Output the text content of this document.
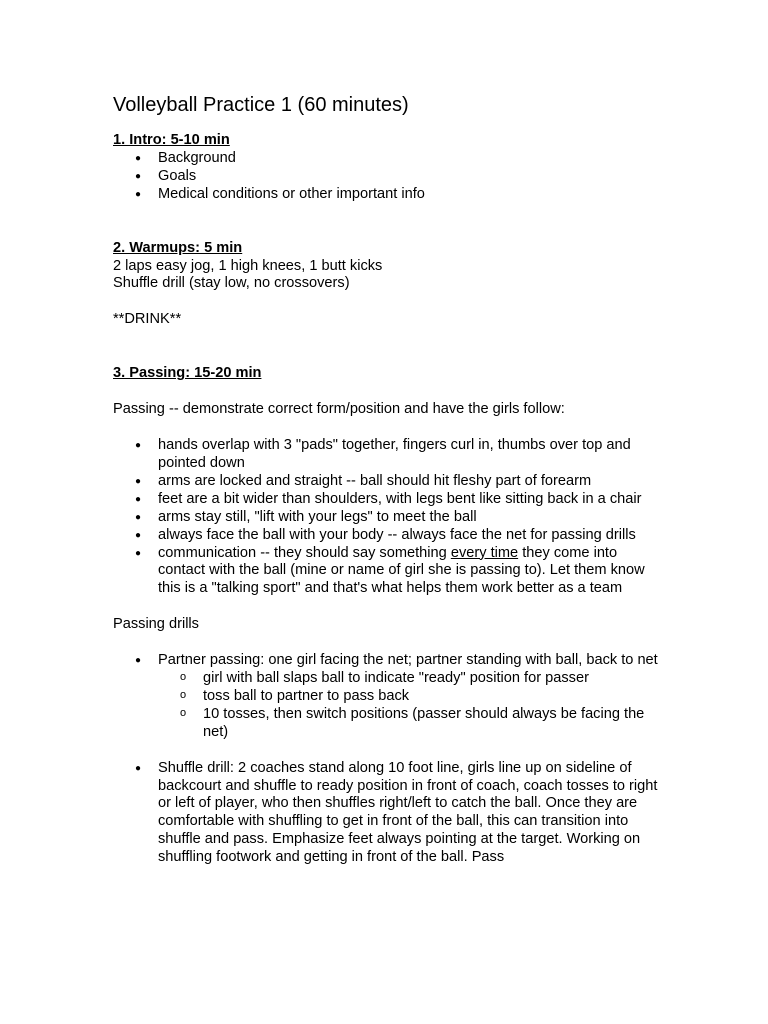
Volleyball Practice 1 (60 minutes)

1. Intro: 5-10 min

● Background
● Goals
● Medical conditions or other important info

2. Warmups: 5 min

2 laps easy jog, 1 high knees, 1 butt kicks

Shuffle drill (stay low, no crossovers)

**DRINK**

3. Passing: 15-20 min

Passing -- demonstrate correct form/position and have the girls follow:

● hands overlap with 3 "pads" together, fingers curl in, thumbs over top and pointed down
● arms are locked and straight -- ball should hit fleshy part of forearm
● feet are a bit wider than shoulders, with legs bent like sitting back in a chair
● arms stay still, "lift with your legs" to meet the ball
● always face the ball with your body -- always face the net for passing drills
● communication -- they should say something every time they come into contact with the ball (mine or name of girl she is passing to). Let them know this is a "talking sport" and that's what helps them work better as a team

Passing drills

● Partner passing: one girl facing the net; partner standing with ball, back to net
o girl with ball slaps ball to indicate "ready" position for passer
o toss ball to partner to pass back
o 10 tosses, then switch positions (passer should always be facing the net)
● Shuffle drill: 2 coaches stand along 10 foot line, girls line up on sideline of backcourt and shuffle to ready position in front of coach, coach tosses to right or left of player, who then shuffles right/left to catch the ball. Once they are comfortable with shuffling to get in front of the ball, this can transition into shuffle and pass. Emphasize feet always pointing at the target. Working on shuffling footwork and getting in front of the ball. Pass
